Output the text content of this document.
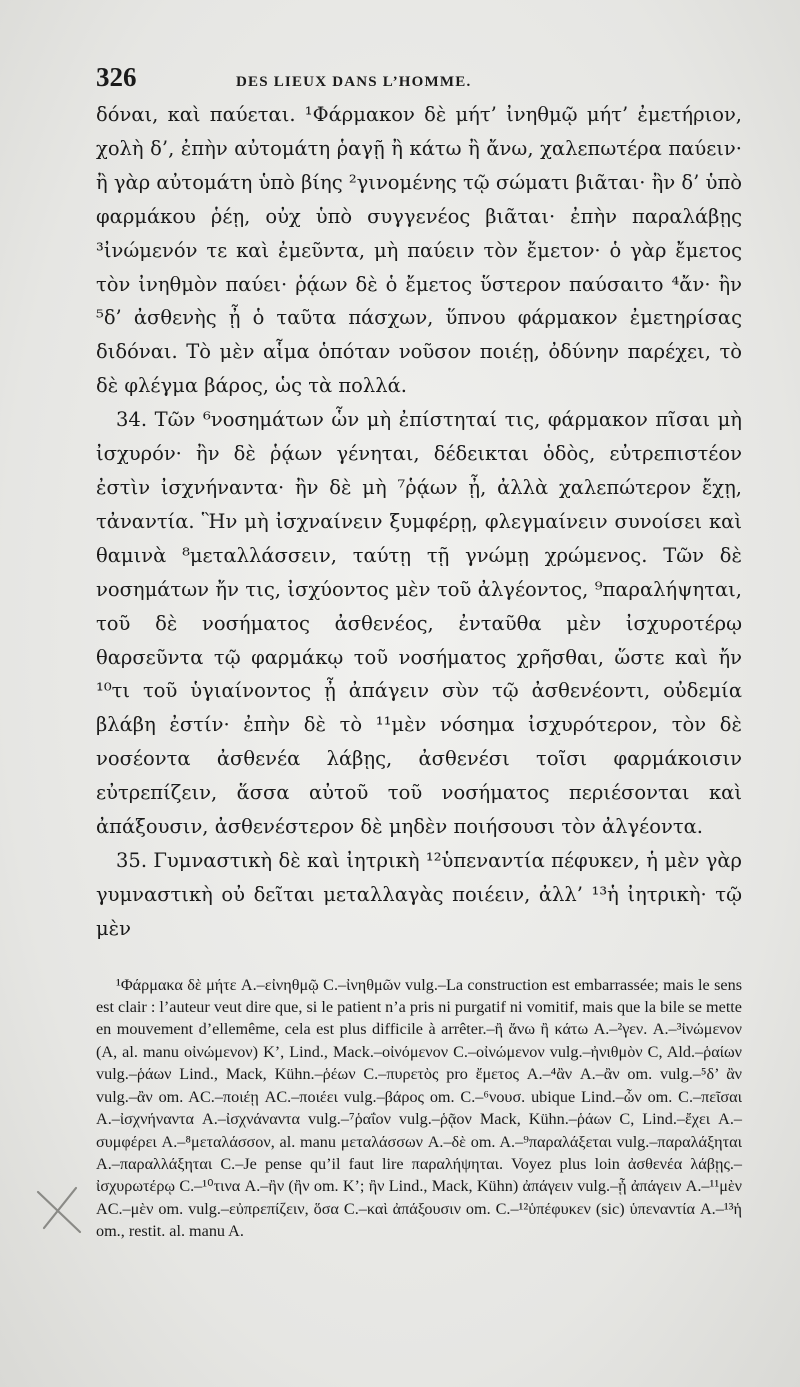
326	DES LIEUX DANS L’HOMME.

δόναι, καὶ παύεται. ¹Φάρμακον δὲ μήτ’ ἰνηθμῷ μήτ’ ἐμετήριον, χολὴ δ’, ἐπὴν αὐτομάτη ῥαγῇ ἢ κάτω ἢ ἄνω, χαλεπωτέρα παύειν· ἢ γὰρ αὐτομάτη ὑπὸ βίης ²γινομένης τῷ σώματι βιᾶται· ἢν δ’ ὑπὸ φαρμάκου ῥέῃ, οὐχ ὑπὸ συγγενέος βιᾶται· ἐπὴν παραλάβῃς ³ἰνώμενόν τε καὶ ἐμεῦντα, μὴ παύειν τὸν ἔμετον· ὁ γὰρ ἔμετος τὸν ἰνηθμὸν παύει· ῥᾴων δὲ ὁ ἔμετος ὕστερον παύσαιτο ⁴ἄν· ἢν ⁵δ’ ἀσθενὴς ᾖ ὁ ταῦτα πάσχων, ὕπνου φάρμακον ἐμετηρίσας διδόναι. Τὸ μὲν αἷμα ὁπόταν νοῦσον ποιέῃ, ὀδύνην παρέχει, τὸ δὲ φλέγμα βάρος, ὡς τὰ πολλά.

34. Τῶν ⁶νοσημάτων ὧν μὴ ἐπίστηταί τις, φάρμακον πῖσαι μὴ ἰσχυρόν· ἢν δὲ ῥᾴων γένηται, δέδεικται ὁδὸς, εὐτρεπιστέον ἐστὶν ἰσχνήναντα· ἢν δὲ μὴ ⁷ῥᾴων ᾖ, ἀλλὰ χαλεπώτερον ἔχῃ, τἀναντία. Ἣν μὴ ἰσχναίνειν ξυμφέρῃ, φλεγμαίνειν συνοίσει καὶ θαμινὰ ⁸μεταλλάσσειν, ταύτῃ τῇ γνώμῃ χρώμενος. Τῶν δὲ νοσημάτων ἤν τις, ἰσχύοντος μὲν τοῦ ἀλγέοντος, ⁹παραλήψηται, τοῦ δὲ νοσήματος ἀσθενέος, ἐνταῦθα μὲν ἰσχυροτέρῳ θαρσεῦντα τῷ φαρμάκῳ τοῦ νοσήματος χρῆσθαι, ὥστε καὶ ἤν ¹⁰τι τοῦ ὑγιαίνοντος ᾖ ἀπάγειν σὺν τῷ ἀσθενέοντι, οὐδεμία βλάβη ἐστίν· ἐπὴν δὲ τὸ ¹¹μὲν νόσημα ἰσχυρότερον, τὸν δὲ νοσέοντα ἀσθενέα λάβῃς, ἀσθενέσι τοῖσι φαρμάκοισιν εὐτρεπίζειν, ἅσσα αὐτοῦ τοῦ νοσήματος περιέσονται καὶ ἀπάξουσιν, ἀσθενέστερον δὲ μηδὲν ποιήσουσι τὸν ἀλγέοντα.

35. Γυμναστικὴ δὲ καὶ ἰητρικὴ ¹²ὑπεναντία πέφυκεν, ἡ μὲν γὰρ γυμναστικὴ οὐ δεῖται μεταλλαγὰς ποιέειν, ἀλλ’ ¹³ἡ ἰητρικὴ· τῷ μὲν

¹Φάρμακα δὲ μήτε A.–εἰνηθμῷ C.–ἰνηθμῶν vulg.–La construction est embarrassée; mais le sens est clair : l’auteur veut dire que, si le patient n’a pris ni purgatif ni vomitif, mais que la bile se mette en mouvement d’ellemême, cela est plus difficile à arrêter.–ἢ ἄνω ἢ κάτω A.–²γεν. A.–³ἰνώμενον (A, al. manu οἰνώμενον) K’, Lind., Mack.–οἰνόμενον C.–οἰνώμενον vulg.–ἠνιθμὸν C, Ald.–ῥαίων vulg.–ῥάων Lind., Mack, Kühn.–ῥέων C.–πυρετὸς pro ἔμετος A.–⁴ἂν A.–ἂν om. vulg.–⁵δ’ ἂν vulg.–ἂν om. AC.–ποιέῃ AC.–ποιέει vulg.–βάρος om. C.–⁶νουσ. ubique Lind.–ὧν om. C.–πεῖσαι A.–ἰσχνήναντα A.–ἰσχνάναντα vulg.–⁷ῥαΐον vulg.–ῥᾷον Mack, Kühn.–ῥάων C, Lind.–ἔχει A.–συμφέρει A.–⁸μεταλάσσον, al. manu μεταλάσσων A.–δὲ om. A.–⁹παραλάξεται vulg.–παραλάξηται A.–παραλλάξηται C.–Je pense qu’il faut lire παραλήψηται. Voyez plus loin ἀσθενέα λάβῃς.–ἰσχυρωτέρῳ C.–¹⁰τινα A.–ἢν (ἢν om. K’; ἢν Lind., Mack, Kühn) ἀπάγειν vulg.–ᾖ ἀπάγειν A.–¹¹μὲν AC.–μὲν om. vulg.–εὐπρεπίζειν, ὅσα C.–καὶ ἀπάξουσιν om. C.–¹²ὑπέφυκεν (sic) ὑπεναντία A.–¹³ἡ om., restit. al. manu A.
